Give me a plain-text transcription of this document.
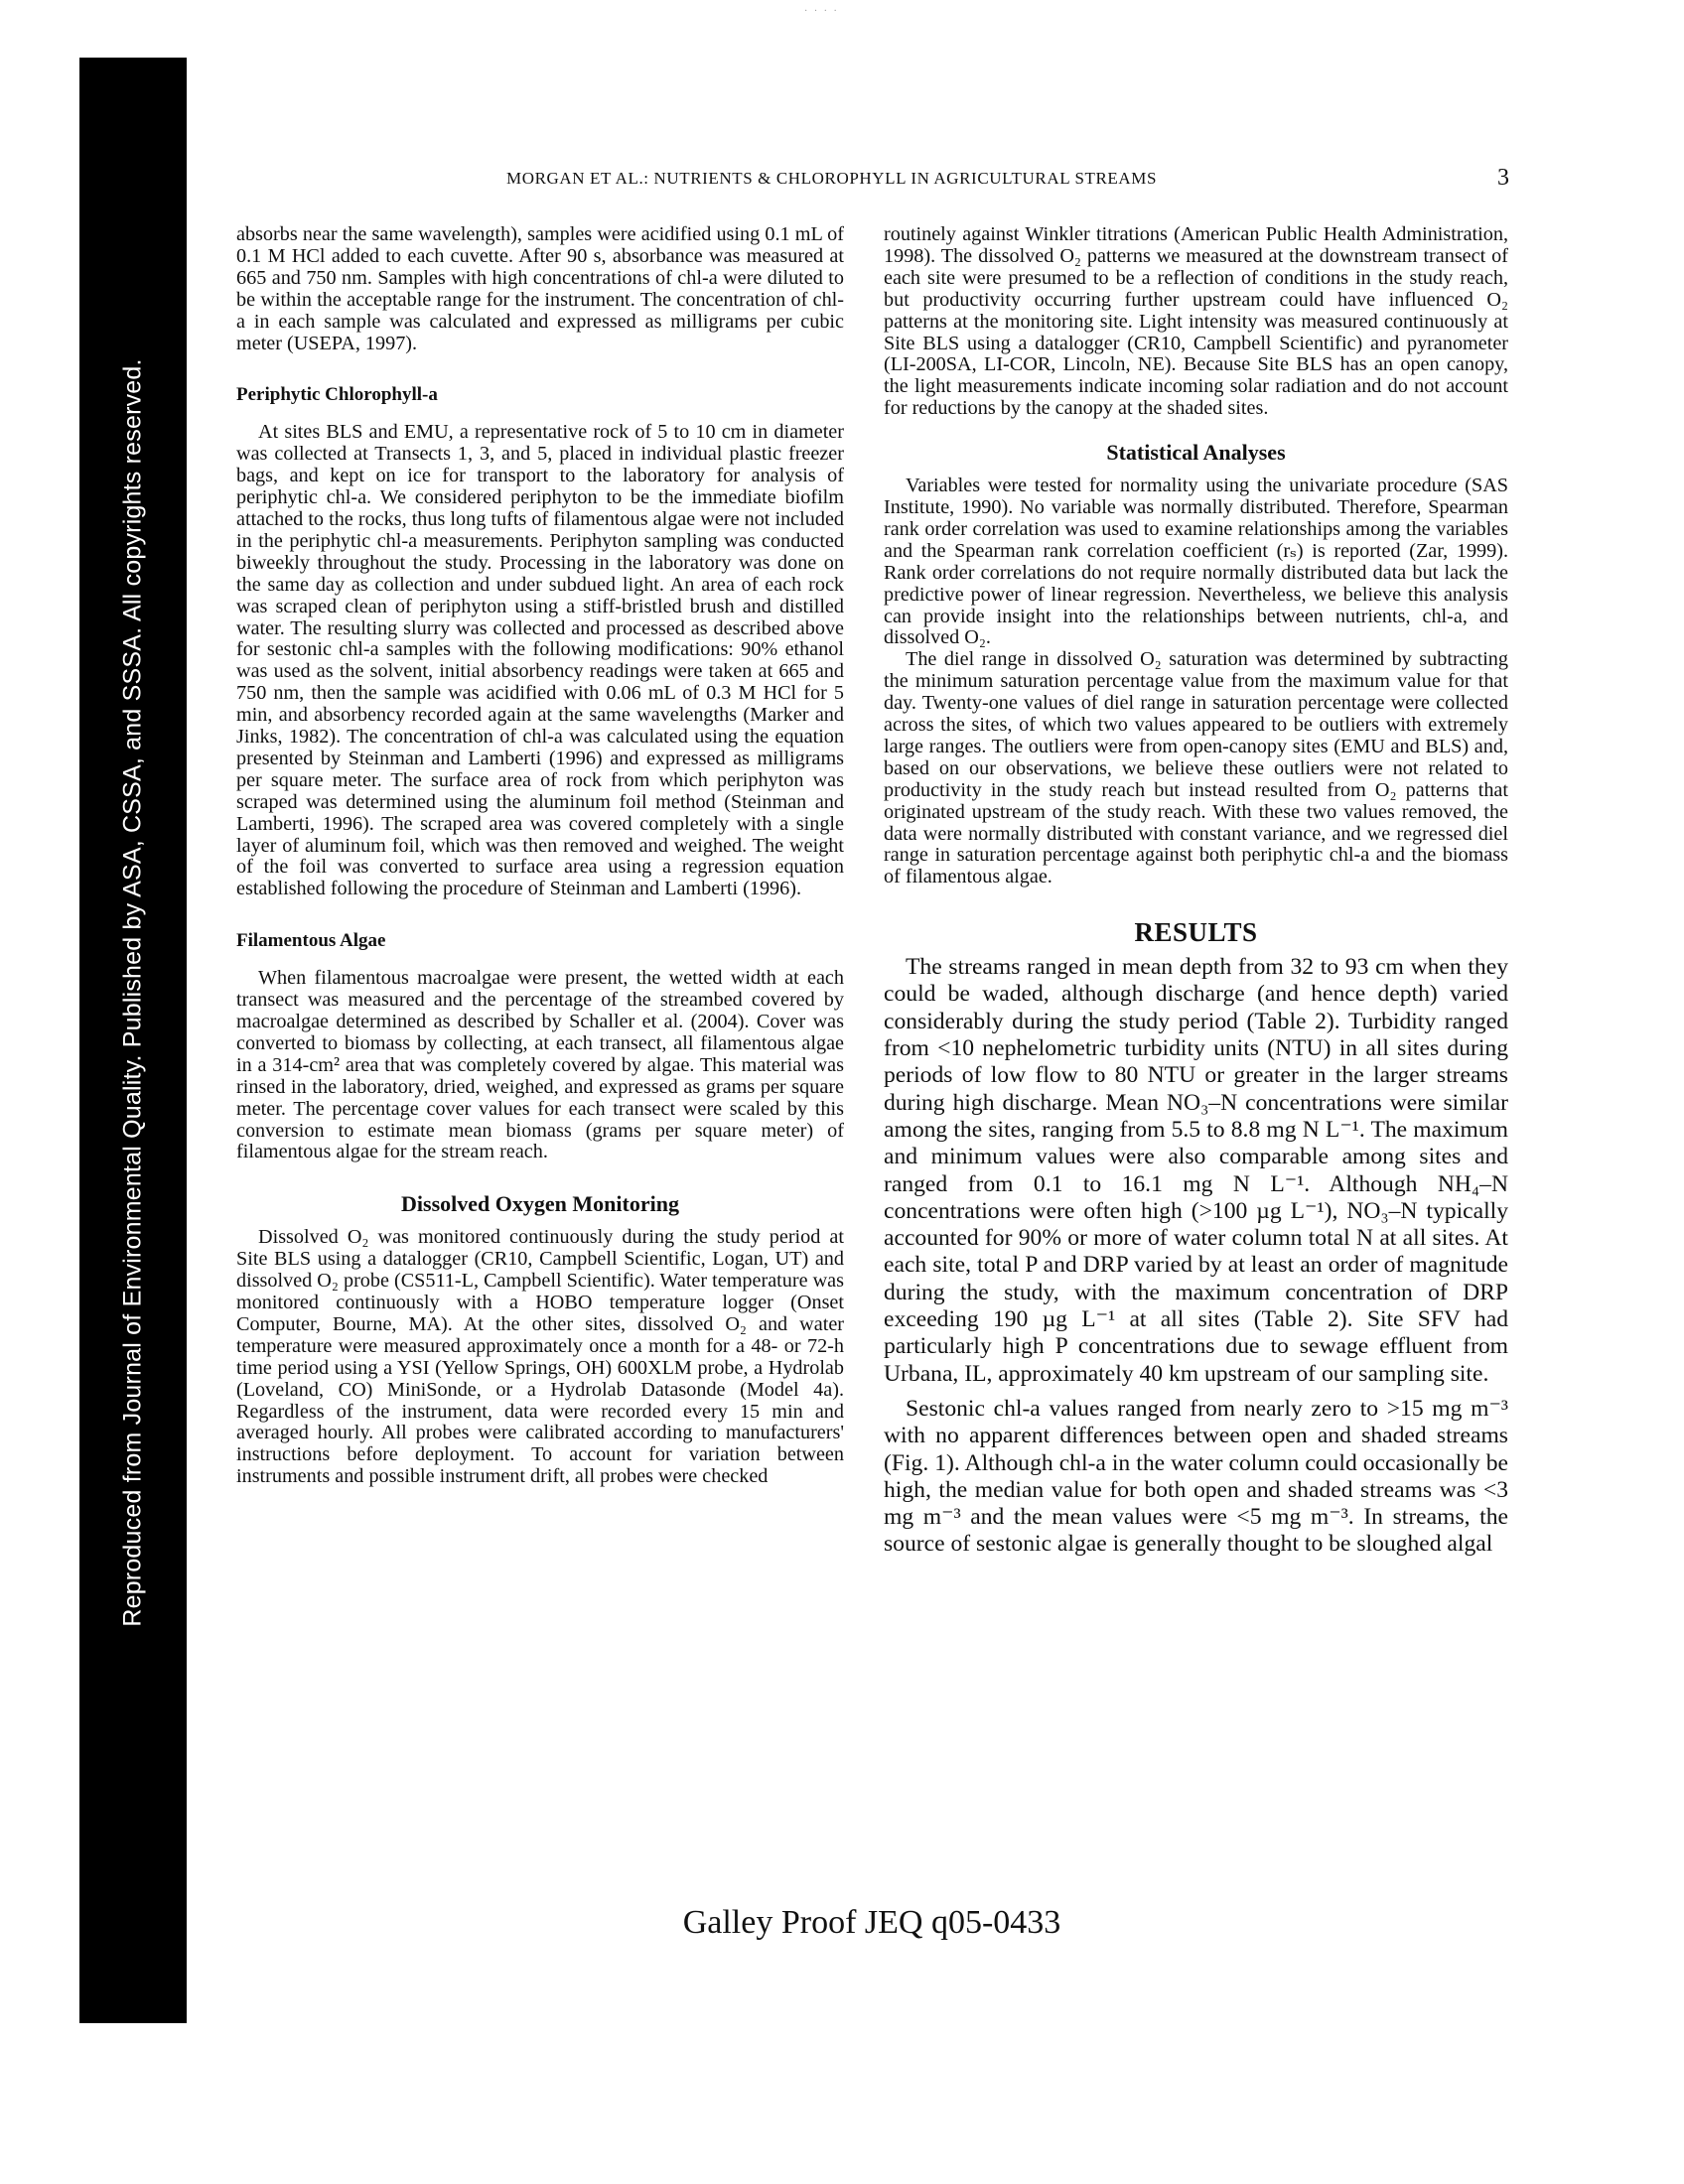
· · · ·
Reproduced from Journal of Environmental Quality. Published by ASA, CSSA, and SSSA. All copyrights reserved.
MORGAN ET AL.: NUTRIENTS & CHLOROPHYLL IN AGRICULTURAL STREAMS	3

absorbs near the same wavelength), samples were acidified using 0.1 mL of 0.1 M HCl added to each cuvette. After 90 s, absorbance was measured at 665 and 750 nm. Samples with high concentrations of chl-a were diluted to be within the acceptable range for the instrument. The concentration of chl-a in each sample was calculated and expressed as milligrams per cubic meter (USEPA, 1997).

Periphytic Chlorophyll-a

At sites BLS and EMU, a representative rock of 5 to 10 cm in diameter was collected at Transects 1, 3, and 5, placed in individual plastic freezer bags, and kept on ice for transport to the laboratory for analysis of periphytic chl-a. We considered periphyton to be the immediate biofilm attached to the rocks, thus long tufts of filamentous algae were not included in the periphytic chl-a measurements. Periphyton sampling was conducted biweekly throughout the study. Processing in the laboratory was done on the same day as collection and under subdued light. An area of each rock was scraped clean of periphyton using a stiff-bristled brush and distilled water. The resulting slurry was collected and processed as described above for sestonic chl-a samples with the following modifications: 90% ethanol was used as the solvent, initial absorbency readings were taken at 665 and 750 nm, then the sample was acidified with 0.06 mL of 0.3 M HCl for 5 min, and absorbency recorded again at the same wavelengths (Marker and Jinks, 1982). The concentration of chl-a was calculated using the equation presented by Steinman and Lamberti (1996) and expressed as milligrams per square meter. The surface area of rock from which periphyton was scraped was determined using the aluminum foil method (Steinman and Lamberti, 1996). The scraped area was covered completely with a single layer of aluminum foil, which was then removed and weighed. The weight of the foil was converted to surface area using a regression equation established following the procedure of Steinman and Lamberti (1996).

Filamentous Algae

When filamentous macroalgae were present, the wetted width at each transect was measured and the percentage of the streambed covered by macroalgae determined as described by Schaller et al. (2004). Cover was converted to biomass by collecting, at each transect, all filamentous algae in a 314-cm² area that was completely covered by algae. This material was rinsed in the laboratory, dried, weighed, and expressed as grams per square meter. The percentage cover values for each transect were scaled by this conversion to estimate mean biomass (grams per square meter) of filamentous algae for the stream reach.

Dissolved Oxygen Monitoring

Dissolved O₂ was monitored continuously during the study period at Site BLS using a datalogger (CR10, Campbell Scientific, Logan, UT) and dissolved O₂ probe (CS511-L, Campbell Scientific). Water temperature was monitored continuously with a HOBO temperature logger (Onset Computer, Bourne, MA). At the other sites, dissolved O₂ and water temperature were measured approximately once a month for a 48- or 72-h time period using a YSI (Yellow Springs, OH) 600XLM probe, a Hydrolab (Loveland, CO) MiniSonde, or a Hydrolab Datasonde (Model 4a). Regardless of the instrument, data were recorded every 15 min and averaged hourly. All probes were calibrated according to manufacturers' instructions before deployment. To account for variation between instruments and possible instrument drift, all probes were checked

routinely against Winkler titrations (American Public Health Administration, 1998). The dissolved O₂ patterns we measured at the downstream transect of each site were presumed to be a reflection of conditions in the study reach, but productivity occurring further upstream could have influenced O₂ patterns at the monitoring site. Light intensity was measured continuously at Site BLS using a datalogger (CR10, Campbell Scientific) and pyranometer (LI-200SA, LI-COR, Lincoln, NE). Because Site BLS has an open canopy, the light measurements indicate incoming solar radiation and do not account for reductions by the canopy at the shaded sites.

Statistical Analyses

Variables were tested for normality using the univariate procedure (SAS Institute, 1990). No variable was normally distributed. Therefore, Spearman rank order correlation was used to examine relationships among the variables and the Spearman rank correlation coefficient (rₛ) is reported (Zar, 1999). Rank order correlations do not require normally distributed data but lack the predictive power of linear regression. Nevertheless, we believe this analysis can provide insight into the relationships between nutrients, chl-a, and dissolved O₂.

The diel range in dissolved O₂ saturation was determined by subtracting the minimum saturation percentage value from the maximum value for that day. Twenty-one values of diel range in saturation percentage were collected across the sites, of which two values appeared to be outliers with extremely large ranges. The outliers were from open-canopy sites (EMU and BLS) and, based on our observations, we believe these outliers were not related to productivity in the study reach but instead resulted from O₂ patterns that originated upstream of the study reach. With these two values removed, the data were normally distributed with constant variance, and we regressed diel range in saturation percentage against both periphytic chl-a and the biomass of filamentous algae.

RESULTS

The streams ranged in mean depth from 32 to 93 cm when they could be waded, although discharge (and hence depth) varied considerably during the study period (Table 2). Turbidity ranged from <10 nephelometric turbidity units (NTU) in all sites during periods of low flow to 80 NTU or greater in the larger streams during high discharge. Mean NO₃–N concentrations were similar among the sites, ranging from 5.5 to 8.8 mg N L⁻¹. The maximum and minimum values were also comparable among sites and ranged from 0.1 to 16.1 mg N L⁻¹. Although NH₄–N concentrations were often high (>100 µg L⁻¹), NO₃–N typically accounted for 90% or more of water column total N at all sites. At each site, total P and DRP varied by at least an order of magnitude during the study, with the maximum concentration of DRP exceeding 190 µg L⁻¹ at all sites (Table 2). Site SFV had particularly high P concentrations due to sewage effluent from Urbana, IL, approximately 40 km upstream of our sampling site.

Sestonic chl-a values ranged from nearly zero to >15 mg m⁻³ with no apparent differences between open and shaded streams (Fig. 1). Although chl-a in the water column could occasionally be high, the median value for both open and shaded streams was <3 mg m⁻³ and the mean values were <5 mg m⁻³. In streams, the source of sestonic algae is generally thought to be sloughed algal

Galley Proof JEQ q05-0433
